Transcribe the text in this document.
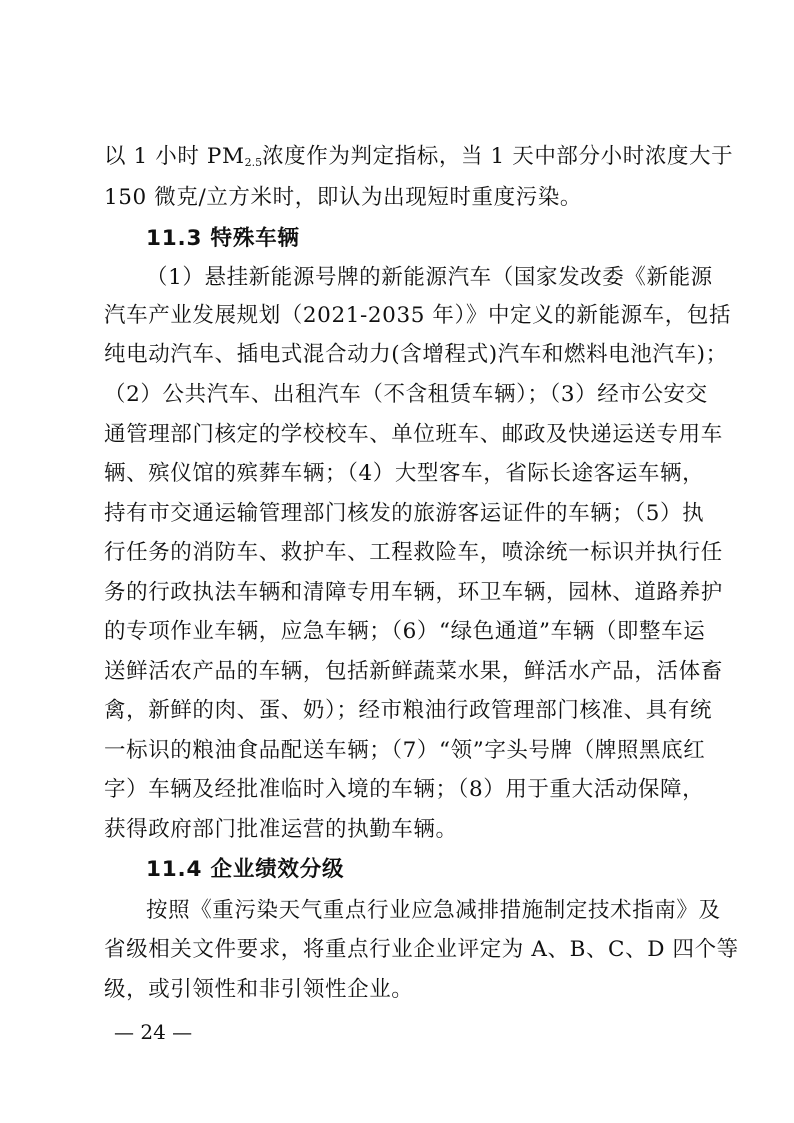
以 1 小时 $PM_{2.5}$浓度作为判定指标，当 1 天中部分小时浓度大于
150 微克/立方米时，即认为出现短时重度污染。
11.3 特殊车辆
（1）悬挂新能源号牌的新能源汽车（国家发改委《新能源
汽车产业发展规划（2021-2035 年）》中定义的新能源车，包括
纯电动汽车、插电式混合动力(含增程式)汽车和燃料电池汽车)；
（2）公共汽车、出租汽车（不含租赁车辆）；（3）经市公安交
通管理部门核定的学校校车、单位班车、邮政及快递运送专用车
辆、殡仪馆的殡葬车辆；（4）大型客车，省际长途客运车辆，
持有市交通运输管理部门核发的旅游客运证件的车辆；（5）执
行任务的消防车、救护车、工程救险车，喷涂统一标识并执行任
务的行政执法车辆和清障专用车辆，环卫车辆，园林、道路养护
的专项作业车辆，应急车辆；（6）“绿色通道”车辆（即整车运
送鲜活农产品的车辆，包括新鲜蔬菜水果，鲜活水产品，活体畜
禽，新鲜的肉、蛋、奶）；经市粮油行政管理部门核准、具有统
一标识的粮油食品配送车辆；（7）“领”字头号牌（牌照黑底红
字）车辆及经批准临时入境的车辆；（8）用于重大活动保障，
获得政府部门批准运营的执勤车辆。
11.4 企业绩效分级
按照《重污染天气重点行业应急减排措施制定技术指南》及
省级相关文件要求，将重点行业企业评定为 A、B、C、D 四个等
级，或引领性和非引领性企业。
— 24 —
